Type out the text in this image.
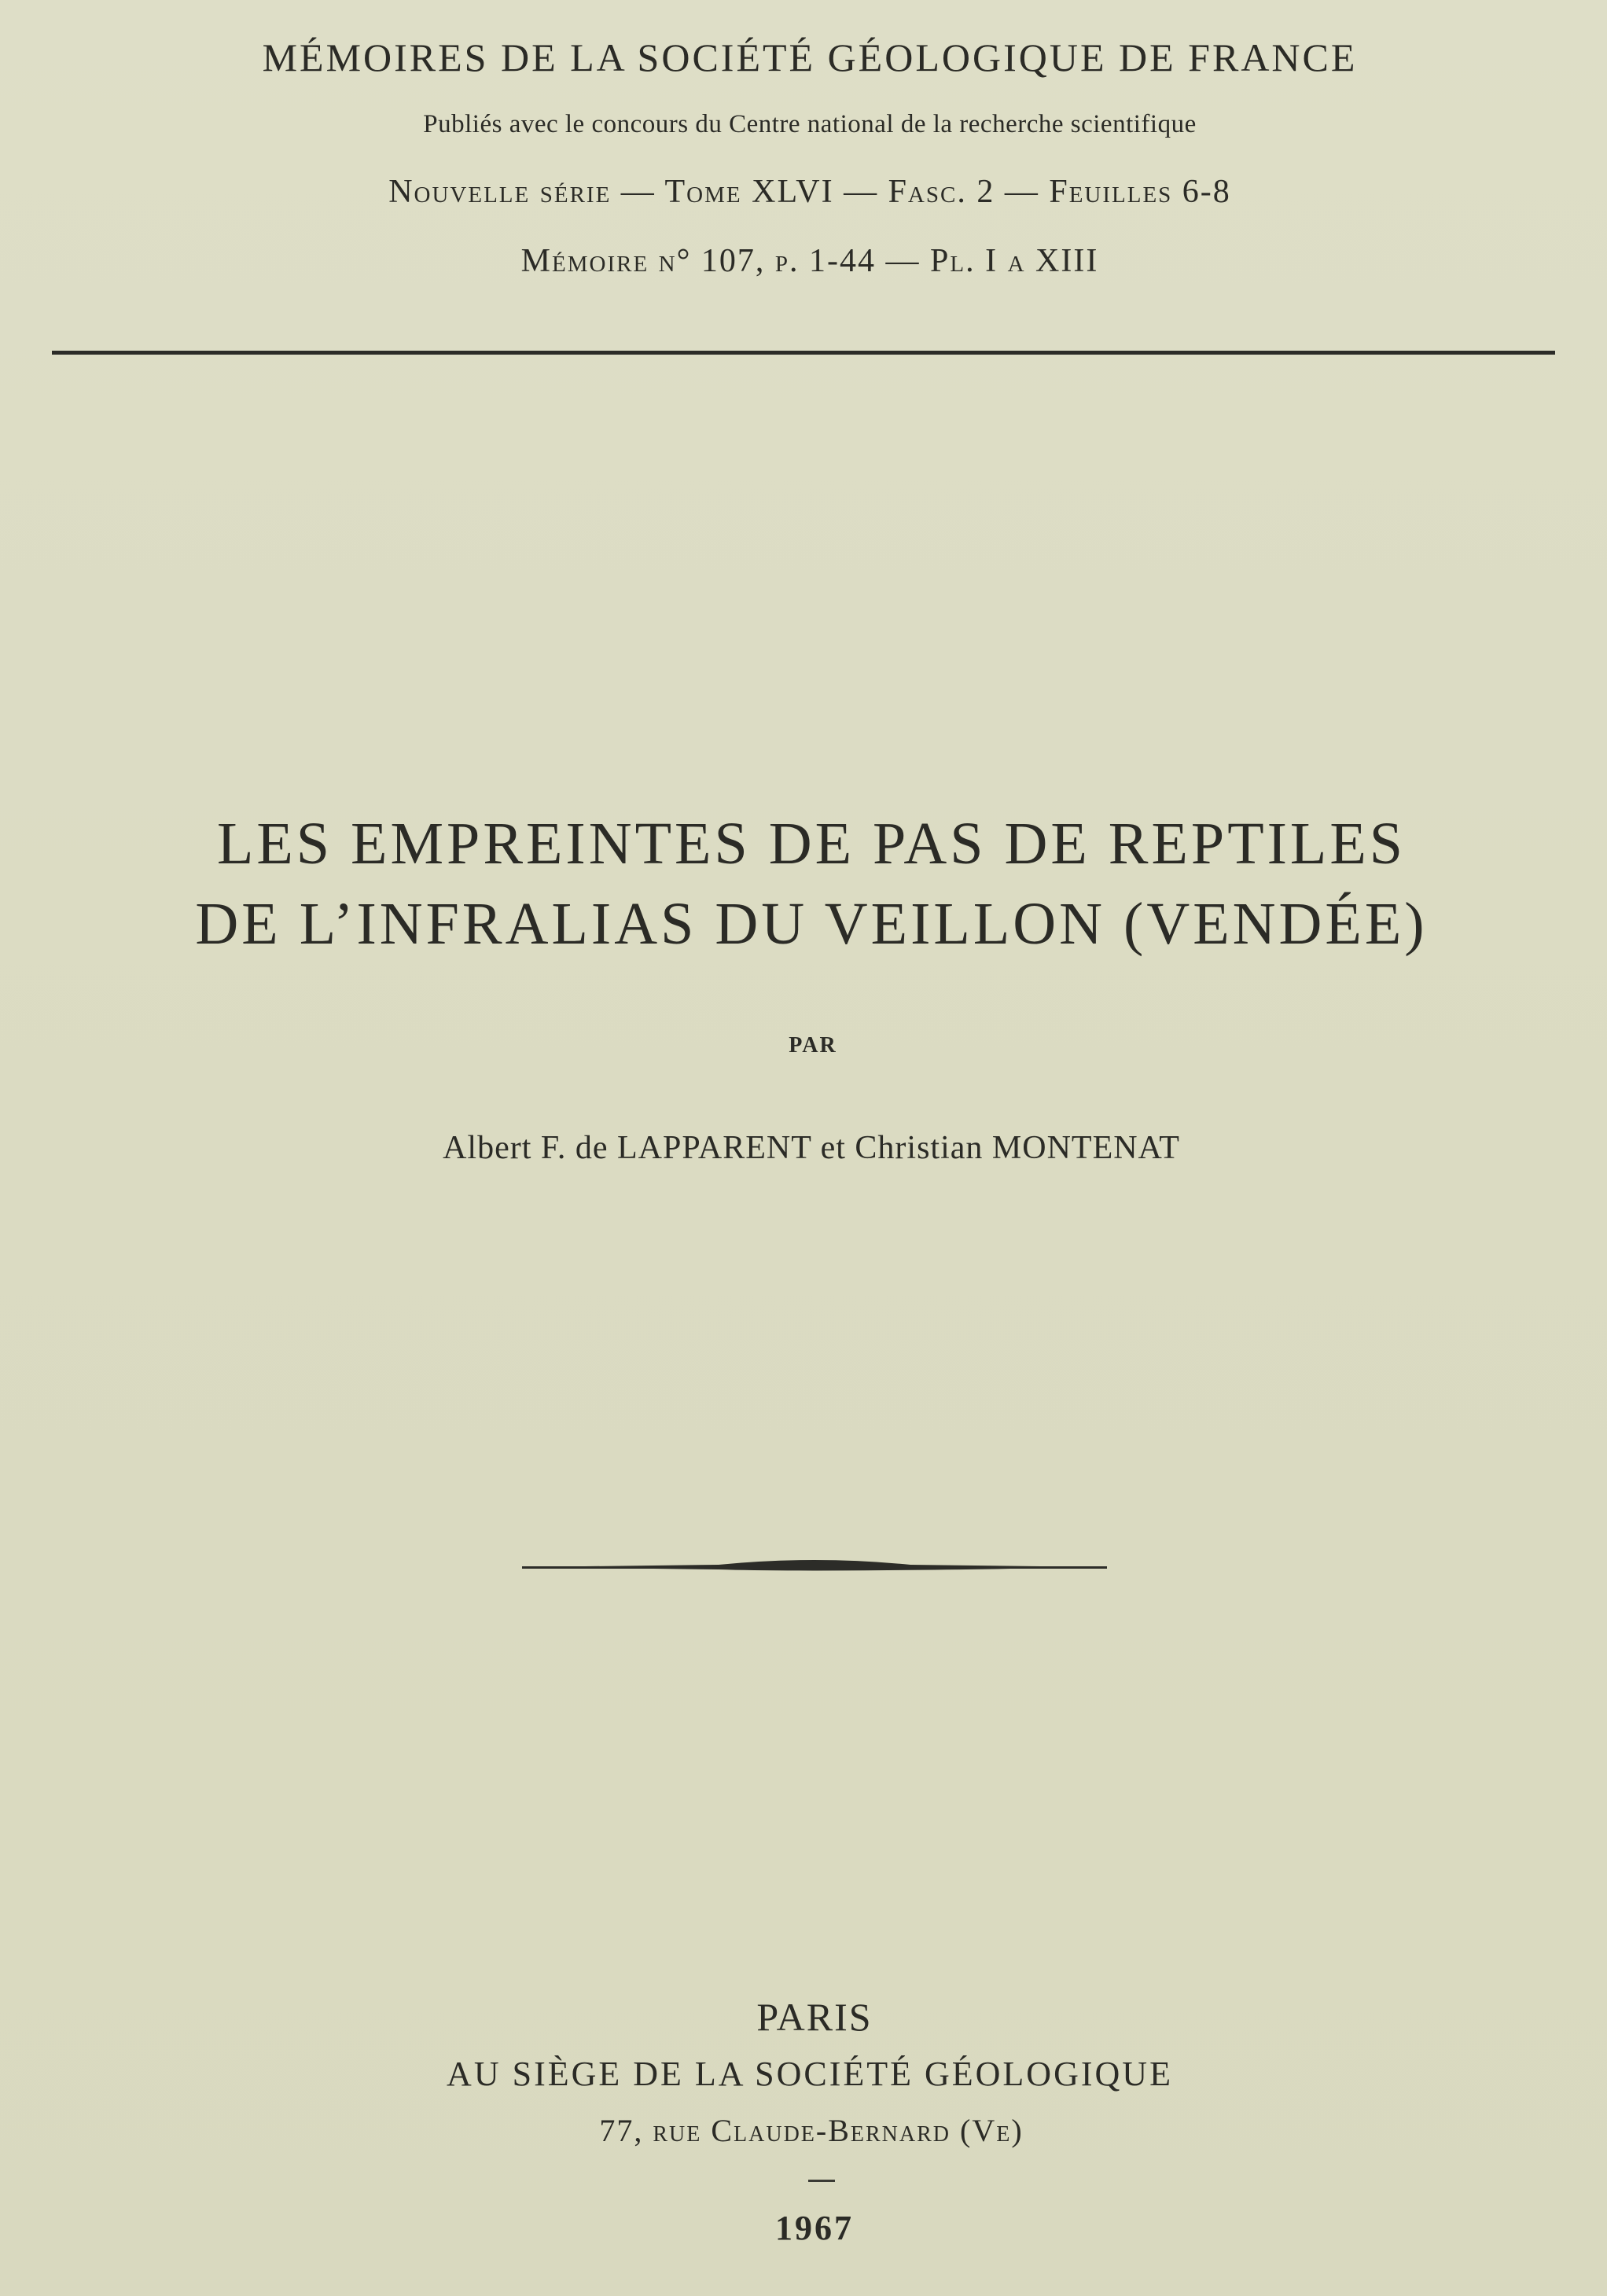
MÉMOIRES DE LA SOCIÉTÉ GÉOLOGIQUE DE FRANCE
Publiés avec le concours du Centre national de la recherche scientifique
Nouvelle série — Tome XLVI — Fasc. 2 — Feuilles 6-8
Mémoire n° 107, p. 1-44 — Pl. I a XIII
LES EMPREINTES DE PAS DE REPTILES
DE L’INFRALIAS DU VEILLON (VENDÉE)
PAR
Albert F. de LAPPARENT et Christian MONTENAT
PARIS
AU SIÈGE DE LA SOCIÉTÉ GÉOLOGIQUE
77, rue Claude-Bernard (Ve)
1967
